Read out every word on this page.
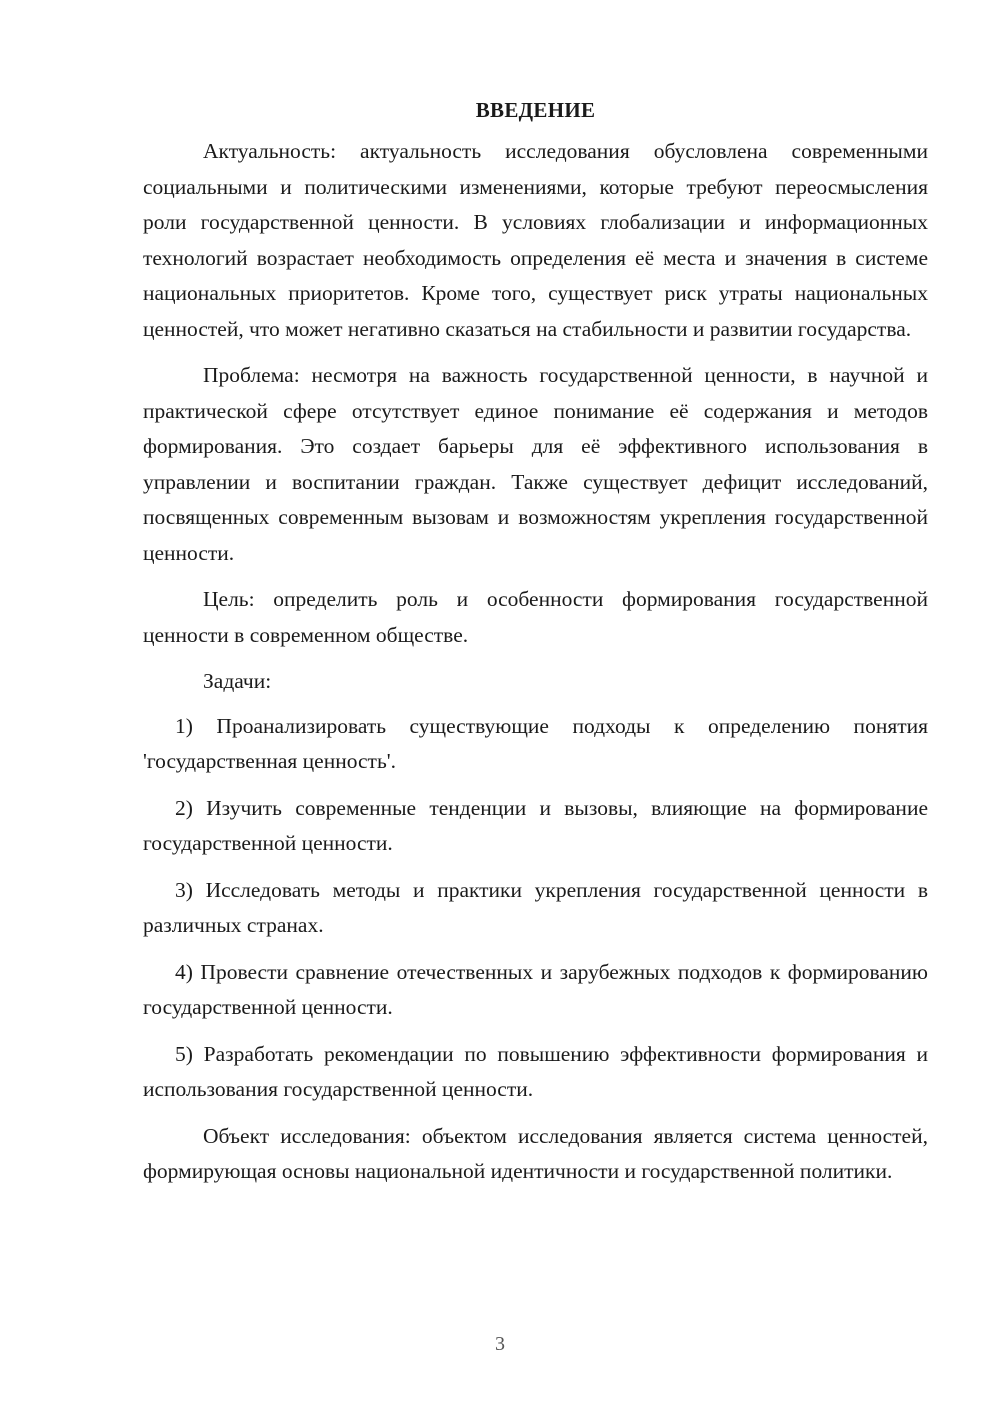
ВВЕДЕНИЕ

Актуальность: актуальность исследования обусловлена современными социальными и политическими изменениями, которые требуют переосмысления роли государственной ценности. В условиях глобализации и информационных технологий возрастает необходимость определения её места и значения в системе национальных приоритетов. Кроме того, существует риск утраты национальных ценностей, что может негативно сказаться на стабильности и развитии государства.

Проблема: несмотря на важность государственной ценности, в научной и практической сфере отсутствует единое понимание её содержания и методов формирования. Это создает барьеры для её эффективного использования в управлении и воспитании граждан. Также существует дефицит исследований, посвященных современным вызовам и возможностям укрепления государственной ценности.

Цель: определить роль и особенности формирования государственной ценности в современном обществе.

Задачи:

1) Проанализировать существующие подходы к определению понятия 'государственная ценность'.

2) Изучить современные тенденции и вызовы, влияющие на формирование государственной ценности.

3) Исследовать методы и практики укрепления государственной ценности в различных странах.

4) Провести сравнение отечественных и зарубежных подходов к формированию государственной ценности.

5) Разработать рекомендации по повышению эффективности формирования и использования государственной ценности.

Объект исследования: объектом исследования является система ценностей, формирующая основы национальной идентичности и государственной политики.

3
